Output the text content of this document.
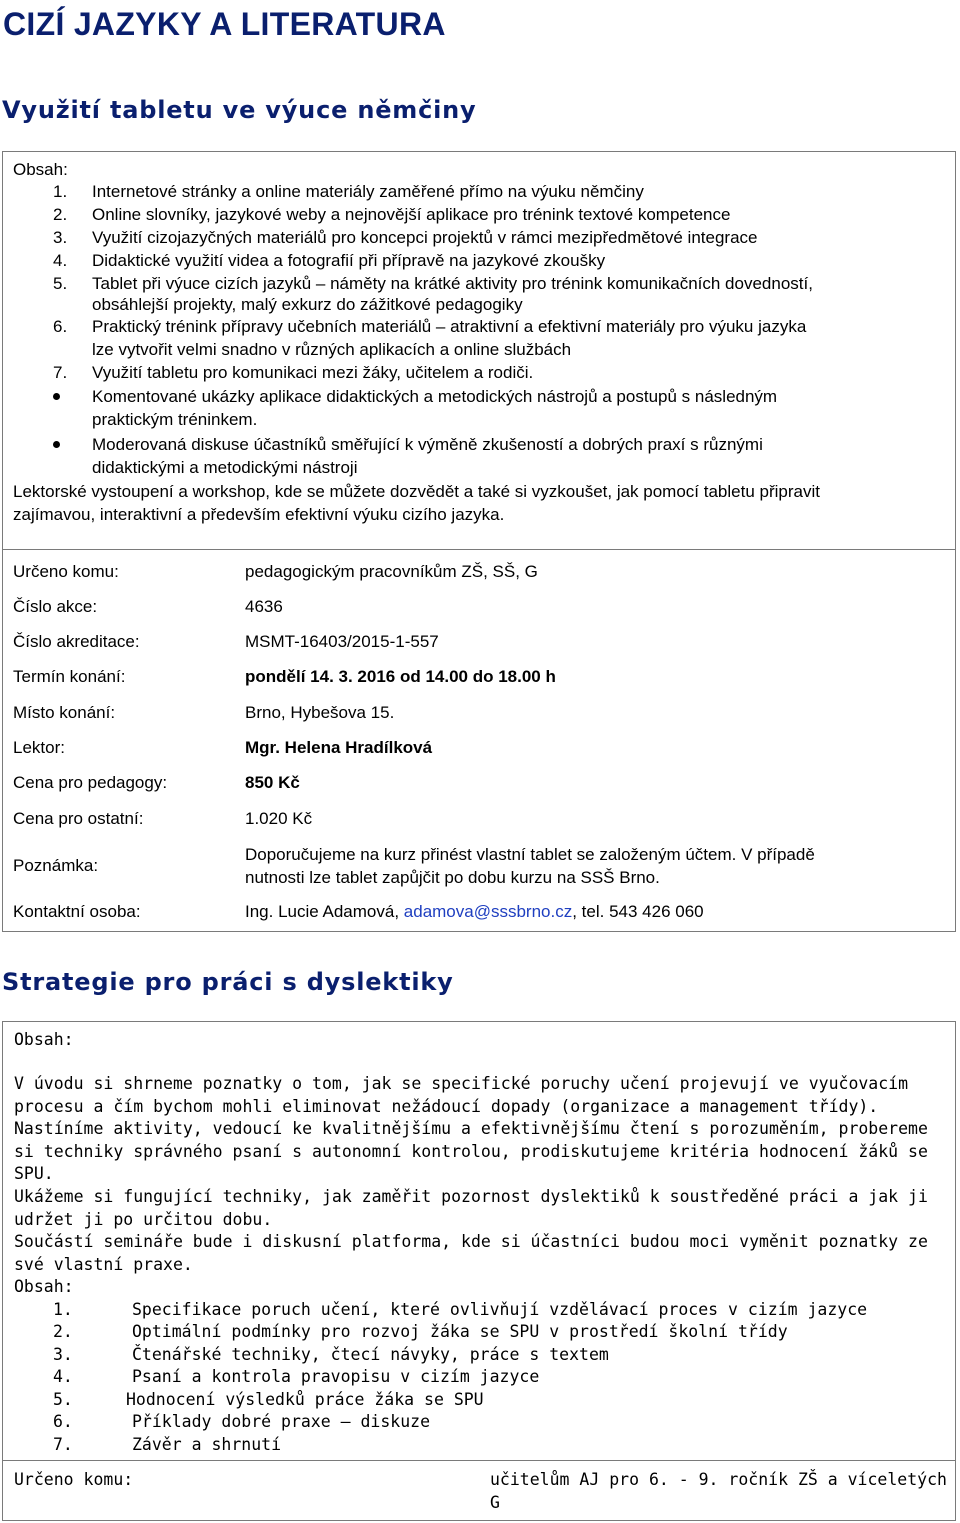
CIZÍ JAZYKY A LITERATURA
Využití tabletu ve výuce němčiny
Obsah:
1. Internetové stránky a online materiály zaměřené přímo na výuku němčiny
2. Online slovníky, jazykové weby a nejnovější aplikace pro trénink textové kompetence
3. Využití cizojazyčných materiálů pro koncepci projektů v rámci mezipředmětové integrace
4. Didaktické využití videa a fotografií při přípravě na jazykové zkoušky
5. Tablet při výuce cizích jazyků – náměty na krátké aktivity pro trénink komunikačních dovedností,
obsáhlejší projekty, malý exkurz do zážitkové pedagogiky
6. Praktický trénink přípravy učebních materiálů – atraktivní a efektivní materiály pro výuku jazyka
lze vytvořit velmi snadno v různých aplikacích a online službách
7. Využití tabletu pro komunikaci mezi žáky, učitelem a rodiči.
Komentované ukázky aplikace didaktických a metodických nástrojů a postupů s následným
praktickým tréninkem.
Moderovaná diskuse účastníků směřující k výměně zkušeností a dobrých praxí s různými
didaktickými a metodickými nástroji
Lektorské vystoupení a workshop, kde se můžete dozvědět a také si vyzkoušet, jak pomocí tabletu připravit
zajímavou, interaktivní a především efektivní výuku cizího jazyka.
Určeno komu:	pedagogickým pracovníkům ZŠ, SŠ, G
Číslo akce:	4636
Číslo akreditace:	MSMT-16403/2015-1-557
Termín konání:	pondělí 14. 3. 2016 od 14.00 do 18.00 h
Místo konání:	Brno, Hybešova 15.
Lektor:	Mgr. Helena Hradílková
Cena pro pedagogy:	850 Kč
Cena pro ostatní:	1.020 Kč
Poznámka:
Doporučujeme na kurz přinést vlastní tablet se založeným účtem. V případě
nutnosti lze tablet zapůjčit po dobu kurzu na SSŠ Brno.
Kontaktní osoba:	Ing. Lucie Adamová, adamova@sssbrno.cz, tel. 543 426 060
Strategie pro práci s dyslektiky
Obsah:
V úvodu si shrneme poznatky o tom, jak se specifické poruchy učení projevují ve vyučovacím
procesu a čím bychom mohli eliminovat nežádoucí dopady (organizace a management třídy).
Nastíníme aktivity, vedoucí ke kvalitnějšímu a efektivnějšímu čtení s porozuměním, probereme
si techniky správného psaní s autonomní kontrolou, prodiskutujeme kritéria hodnocení žáků se
SPU.
Ukážeme si fungující techniky, jak zaměřit pozornost dyslektiků k soustředěné práci a jak ji
udržet ji po určitou dobu.
Součástí semináře bude i diskusní platforma, kde si účastníci budou moci vyměnit poznatky ze
své vlastní praxe.
Obsah:
1.	Specifikace poruch učení, které ovlivňují vzdělávací proces v cizím jazyce
2.	Optimální podmínky pro rozvoj žáka se SPU v prostředí školní třídy
3.	Čtenářské techniky, čtecí návyky, práce s textem
4.	Psaní a kontrola pravopisu v cizím jazyce
5.	Hodnocení výsledků práce žáka se SPU
6.	Příklady dobré praxe – diskuze
7.	Závěr a shrnutí
Určeno komu:	učitelům AJ pro 6. - 9. ročník ZŠ a víceletých
G
